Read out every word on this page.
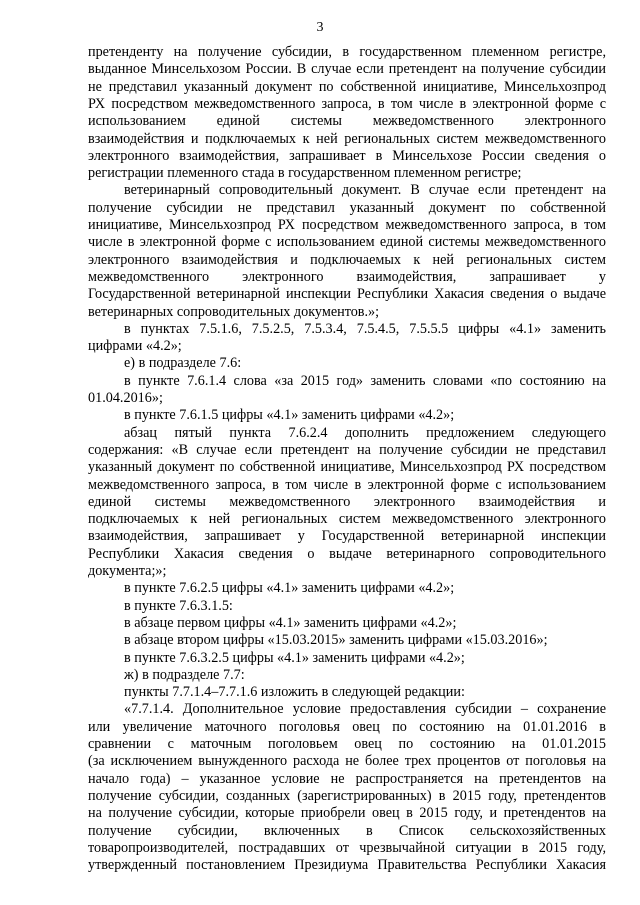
3
претенденту на получение субсидии, в государственном племенном регистре,
выданное Минсельхозом России. В случае если претендент на получение субсидии
не представил указанный документ по собственной инициативе, Минсельхозпрод
РХ посредством межведомственного запроса, в том числе в электронной форме с
использованием единой системы межведомственного электронного
взаимодействия и подключаемых к ней региональных систем межведомственного
электронного взаимодействия, запрашивает в Минсельхозе России сведения о
регистрации племенного стада в государственном племенном регистре;
ветеринарный сопроводительный документ. В случае если претендент на
получение субсидии не представил указанный документ по собственной
инициативе, Минсельхозпрод РХ посредством межведомственного запроса, в том
числе в электронной форме с использованием единой системы межведомственного
электронного взаимодействия и подключаемых к ней региональных систем
межведомственного электронного взаимодействия, запрашивает у
Государственной ветеринарной инспекции Республики Хакасия сведения о выдаче
ветеринарных сопроводительных документов.»;
в пунктах 7.5.1.6, 7.5.2.5, 7.5.3.4, 7.5.4.5, 7.5.5.5 цифры «4.1» заменить
цифрами «4.2»;
е) в подразделе 7.6:
в пункте 7.6.1.4 слова «за 2015 год» заменить словами «по состоянию на
01.04.2016»;
в пункте 7.6.1.5 цифры «4.1» заменить цифрами «4.2»;
абзац пятый пункта 7.6.2.4 дополнить предложением следующего
содержания: «В случае если претендент на получение субсидии не представил
указанный документ по собственной инициативе, Минсельхозпрод РХ посредством
межведомственного запроса, в том числе в электронной форме с использованием
единой системы межведомственного электронного взаимодействия и
подключаемых к ней региональных систем межведомственного электронного
взаимодействия, запрашивает у Государственной ветеринарной инспекции
Республики Хакасия сведения о выдаче ветеринарного сопроводительного
документа;»;
в пункте 7.6.2.5 цифры «4.1» заменить цифрами «4.2»;
в пункте 7.6.3.1.5:
в абзаце первом цифры «4.1» заменить цифрами «4.2»;
в абзаце втором цифры «15.03.2015» заменить цифрами «15.03.2016»;
в пункте 7.6.3.2.5 цифры «4.1» заменить цифрами «4.2»;
ж) в подразделе 7.7:
пункты 7.7.1.4–7.7.1.6 изложить в следующей редакции:
«7.7.1.4. Дополнительное условие предоставления субсидии – сохранение
или увеличение маточного поголовья овец по состоянию на 01.01.2016 в
сравнении с маточным поголовьем овец по состоянию на 01.01.2015
(за исключением вынужденного расхода не более трех процентов от поголовья на
начало года) – указанное условие не распространяется на претендентов на
получение субсидии, созданных (зарегистрированных) в 2015 году, претендентов
на получение субсидии, которые приобрели овец в 2015 году, и претендентов на
получение субсидии, включенных в Список сельскохозяйственных
товаропроизводителей, пострадавших от чрезвычайной ситуации в 2015 году,
утвержденный постановлением Президиума Правительства Республики Хакасия
